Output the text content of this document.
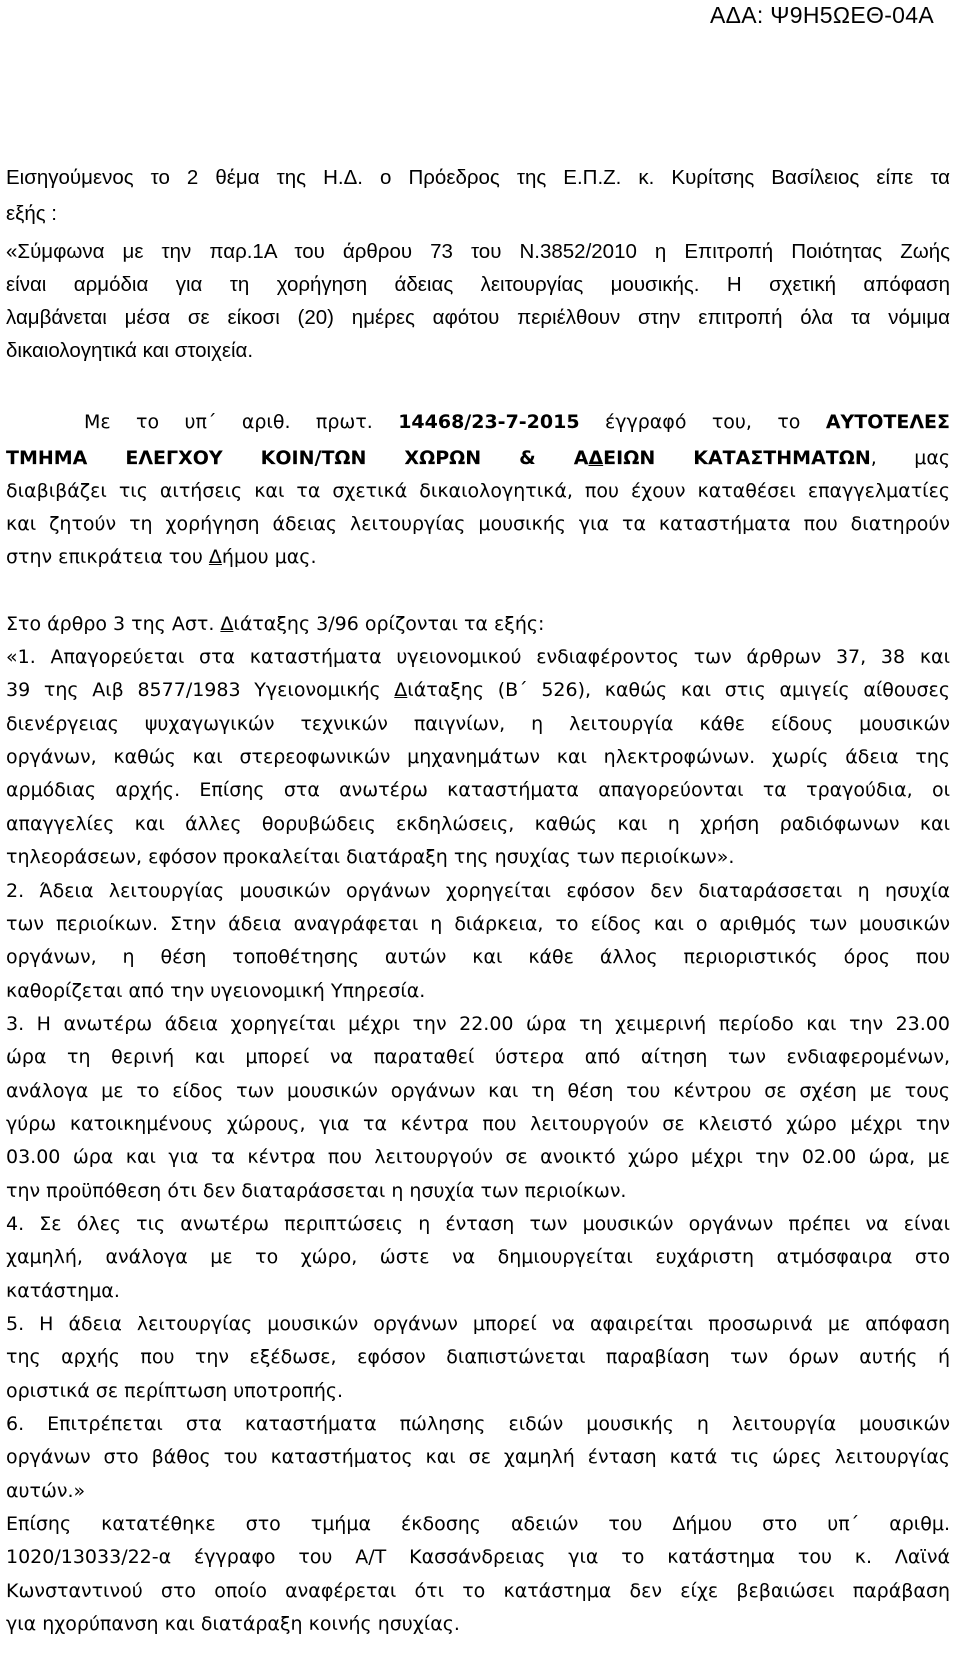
ΑΔΑ: Ψ9Η5ΩΕΘ-04Α
Εισηγούμενος το 2 θέμα της Η.Δ. ο Πρόεδρος της Ε.Π.Ζ. κ. Κυρίτσης Βασίλειος είπε τα
εξής :
«Σύμφωνα με την παρ.1Α του άρθρου 73 του Ν.3852/2010 η Επιτροπή Ποιότητας Ζωής
είναι αρμόδια για τη χορήγηση άδειας λειτουργίας μουσικής. Η σχετική απόφαση
λαμβάνεται μέσα σε είκοσι (20) ημέρες αφότου περιέλθουν στην επιτροπή όλα τα νόμιμα
δικαιολογητικά και στοιχεία.
Με το υπ΄ αριθ. πρωτ. 14468/23-7-2015 έγγραφό του, το ΑΥΤΟΤΕΛΕΣ
ΤΜΗΜΑ ΕΛΕΓΧΟΥ ΚΟΙΝ/ΤΩΝ ΧΩΡΩΝ & ΑΔΕΙΩΝ ΚΑΤΑΣΤΗΜΑΤΩΝ, μας
διαβιβάζει τις αιτήσεις και τα σχετικά δικαιολογητικά, που έχουν καταθέσει επαγγελματίες
και ζητούν τη χορήγηση άδειας λειτουργίας μουσικής για τα καταστήματα που διατηρούν
στην επικράτεια του Δήμου μας.
Στο άρθρο 3 της Αστ. Διάταξης 3/96 ορίζονται τα εξής:
«1. Απαγορεύεται στα καταστήματα υγειονομικού ενδιαφέροντος των άρθρων 37, 38 και
39 της Αιβ 8577/1983 Υγειονομικής Διάταξης (Β΄ 526), καθώς και στις αμιγείς αίθουσες
διενέργειας ψυχαγωγικών τεχνικών παιγνίων, η λειτουργία κάθε είδους μουσικών
οργάνων, καθώς και στερεοφωνικών μηχανημάτων και ηλεκτροφώνων. χωρίς άδεια της
αρμόδιας αρχής. Επίσης στα ανωτέρω καταστήματα απαγορεύονται τα τραγούδια, οι
απαγγελίες και άλλες θορυβώδεις εκδηλώσεις, καθώς και η χρήση ραδιόφωνων και
τηλεοράσεων, εφόσον προκαλείται διατάραξη της ησυχίας των περιοίκων».
2. Άδεια λειτουργίας μουσικών οργάνων χορηγείται εφόσον δεν διαταράσσεται η ησυχία
των περιοίκων. Στην άδεια αναγράφεται η διάρκεια, το είδος και ο αριθμός των μουσικών
οργάνων, η θέση τοποθέτησης αυτών και κάθε άλλος περιοριστικός όρος που
καθορίζεται από την υγειονομική Υπηρεσία.
3. Η ανωτέρω άδεια χορηγείται μέχρι την 22.00 ώρα τη χειμερινή περίοδο και την 23.00
ώρα τη θερινή και μπορεί να παραταθεί ύστερα από αίτηση των ενδιαφερομένων,
ανάλογα με το είδος των μουσικών οργάνων και τη θέση του κέντρου σε σχέση με τους
γύρω κατοικημένους χώρους, για τα κέντρα που λειτουργούν σε κλειστό χώρο μέχρι την
03.00 ώρα και για τα κέντρα που λειτουργούν σε ανοικτό χώρο μέχρι την 02.00 ώρα, με
την προϋπόθεση ότι δεν διαταράσσεται η ησυχία των περιοίκων.
4. Σε όλες τις ανωτέρω περιπτώσεις η ένταση των μουσικών οργάνων πρέπει να είναι
χαμηλή, ανάλογα με το χώρο, ώστε να δημιουργείται ευχάριστη ατμόσφαιρα στο
κατάστημα.
5. Η άδεια λειτουργίας μουσικών οργάνων μπορεί να αφαιρείται προσωρινά με απόφαση
της αρχής που την εξέδωσε, εφόσον διαπιστώνεται παραβίαση των όρων αυτής ή
οριστικά σε περίπτωση υποτροπής.
6. Επιτρέπεται στα καταστήματα πώλησης ειδών μουσικής η λειτουργία μουσικών
οργάνων στο βάθος του καταστήματος και σε χαμηλή ένταση κατά τις ώρες λειτουργίας
αυτών.»
Επίσης κατατέθηκε στο τμήμα έκδοσης αδειών του Δήμου στο υπ΄ αριθμ.
1020/13033/22-α έγγραφο του Α/Τ Κασσάνδρειας για το κατάστημα του κ. Λαϊνά
Κωνσταντινού στο οποίο αναφέρεται ότι το κατάστημα δεν είχε βεβαιώσει παράβαση
για ηχορύπανση και διατάραξη κοινής ησυχίας.
